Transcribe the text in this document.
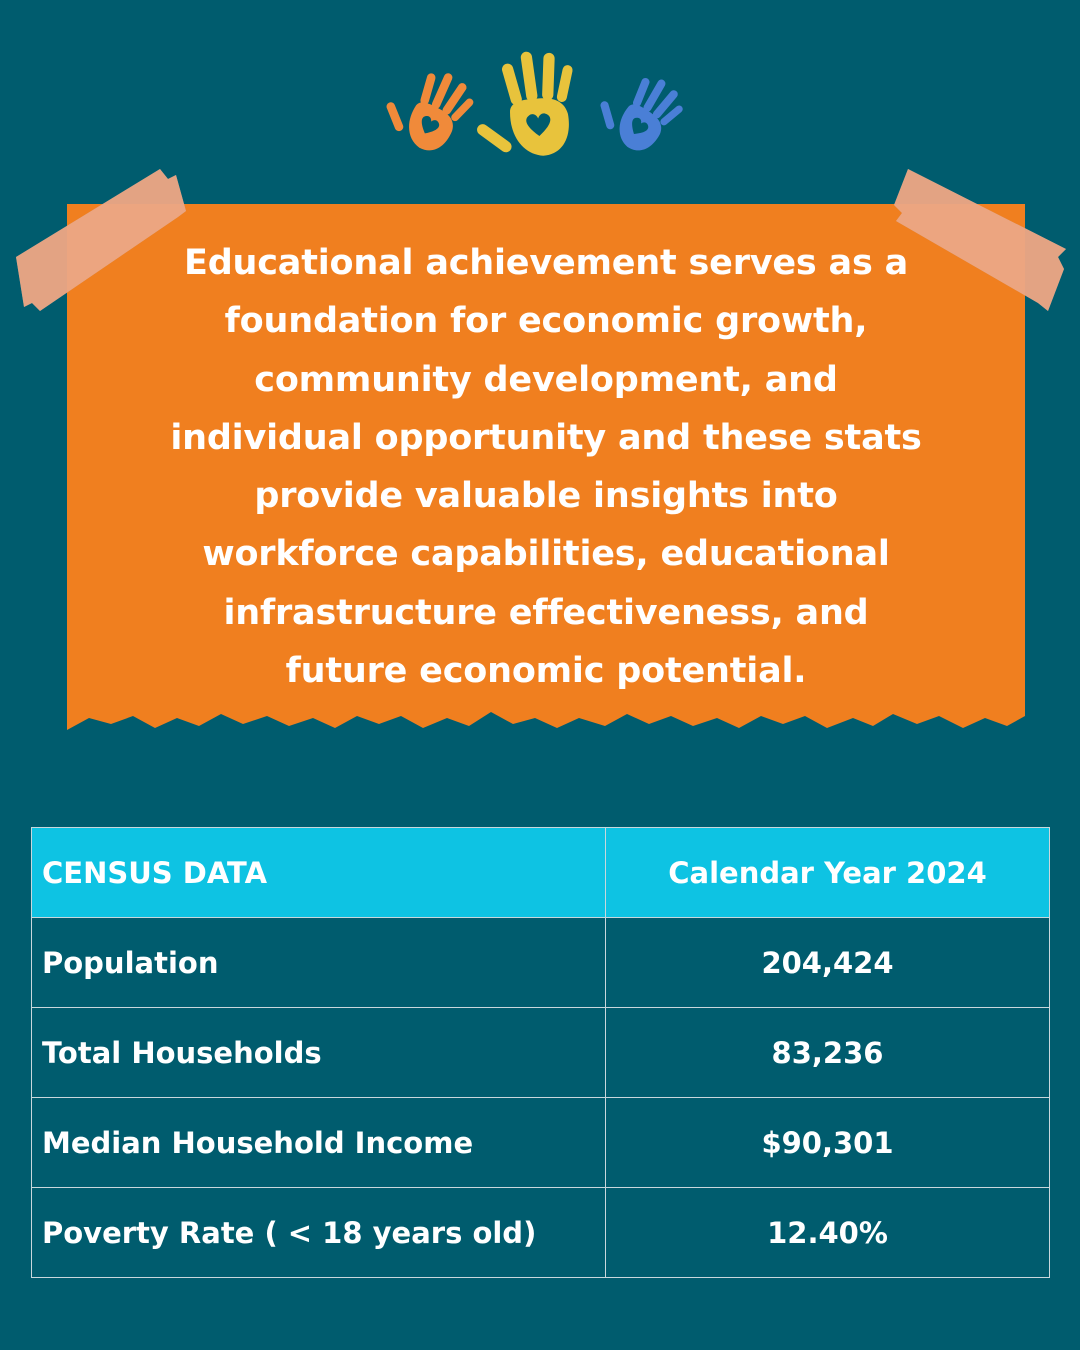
Educational achievement serves as a foundation for economic growth, community development, and individual opportunity and these stats provide valuable insights into workforce capabilities, educational infrastructure effectiveness, and future economic potential.
CENSUS DATA	Calendar Year 2024
Population	204,424
Total Households	83,236
Median Household Income	$90,301
Poverty Rate ( < 18 years old)	12.40%
